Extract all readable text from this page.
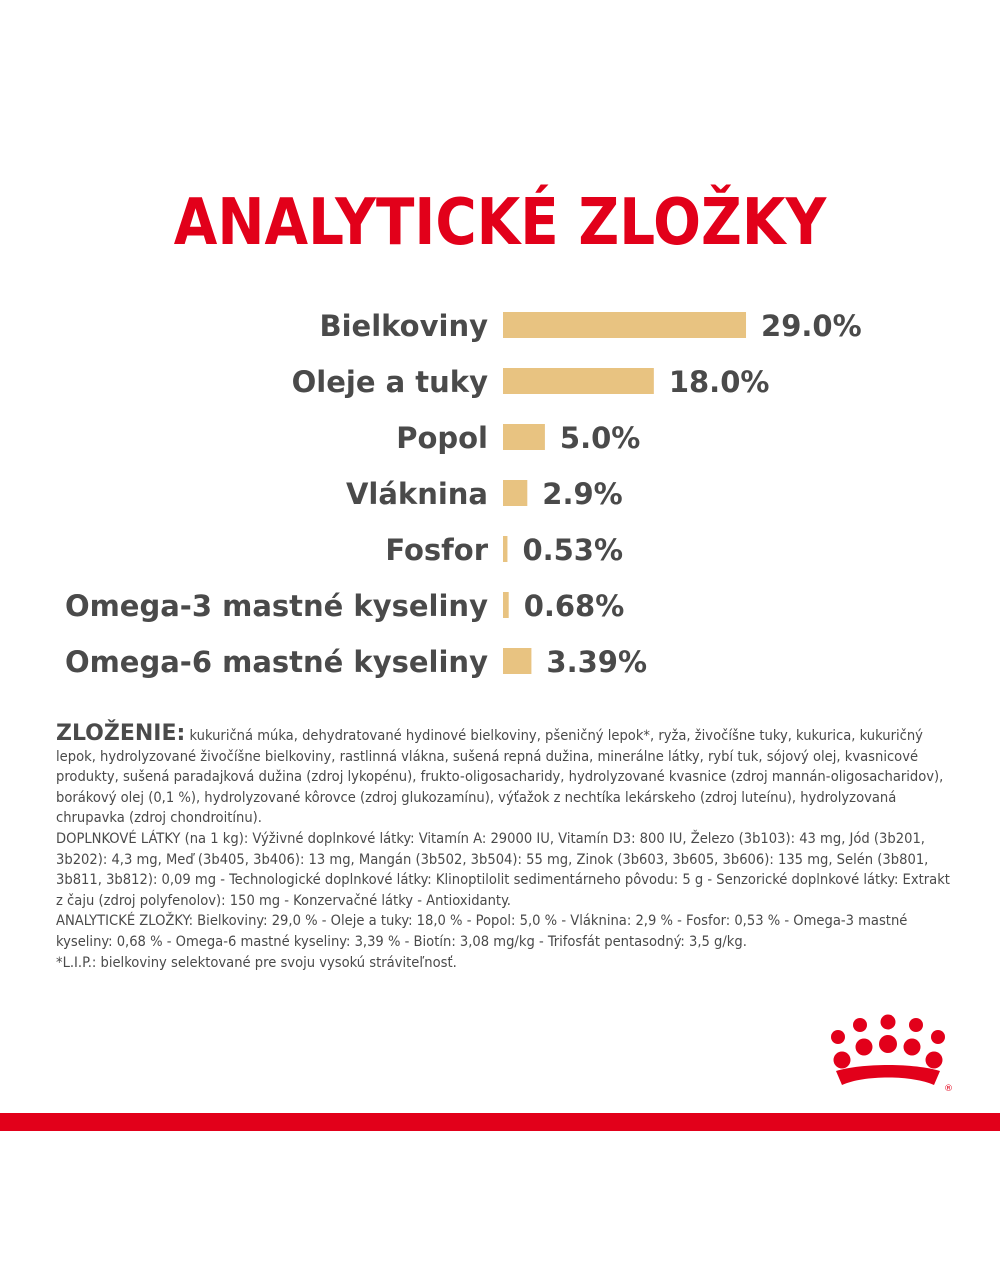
ANALYTICKÉ ZLOŽKY
Bielkoviny	29.0%
Oleje a tuky	18.0%
Popol 5.0%
Vláknina 2.9%
Fosfor 0.53%
Omega-3 mastné kyseliny 0.68%
Omega-6 mastné kyseliny 3.39%

ZLOŽENIE: kukuričná múka, dehydratované hydinové bielkoviny, pšeničný lepok*, ryža, živočíšne tuky, kukurica, kukuričný lepok, hydrolyzované živočíšne bielkoviny, rastlinná vlákna, sušená repná dužina, minerálne látky, rybí tuk, sójový olej, kvasnicové produkty, sušená paradajková dužina (zdroj lykopénu), frukto-oligosacharidy, hydrolyzované kvasnice (zdroj mannán-oligosacharidov), borákový olej (0,1 %), hydrolyzované kôrovce (zdroj glukozamínu), výťažok z nechtíka lekárskeho (zdroj luteínu), hydrolyzovaná chrupavka (zdroj chondroitínu).

DOPLNKOVÉ LÁTKY (na 1 kg): Výživné doplnkové látky: Vitamín A: 29000 IU, Vitamín D3: 800 IU, Železo (3b103): 43 mg, Jód (3b201, 3b202): 4,3 mg, Meď (3b405, 3b406): 13 mg, Mangán (3b502, 3b504): 55 mg, Zinok (3b603, 3b605, 3b606): 135 mg, Selén (3b801, 3b811, 3b812): 0,09 mg - Technologické doplnkové látky: Klinoptilolit sedimentárneho pôvodu: 5 g - Senzorické doplnkové látky: Extrakt z čaju (zdroj polyfenolov): 150 mg - Konzervačné látky - Antioxidanty.

ANALYTICKÉ ZLOŽKY: Bielkoviny: 29,0 % - Oleje a tuky: 18,0 % - Popol: 5,0 % - Vláknina: 2,9 % - Fosfor: 0,53 % - Omega-3 mastné kyseliny: 0,68 % - Omega-6 mastné kyseliny: 3,39 % - Biotín: 3,08 mg/kg - Trifosfát pentasodný: 3,5 g/kg.

*L.I.P.: bielkoviny selektované pre svoju vysokú stráviteľnosť.

®
